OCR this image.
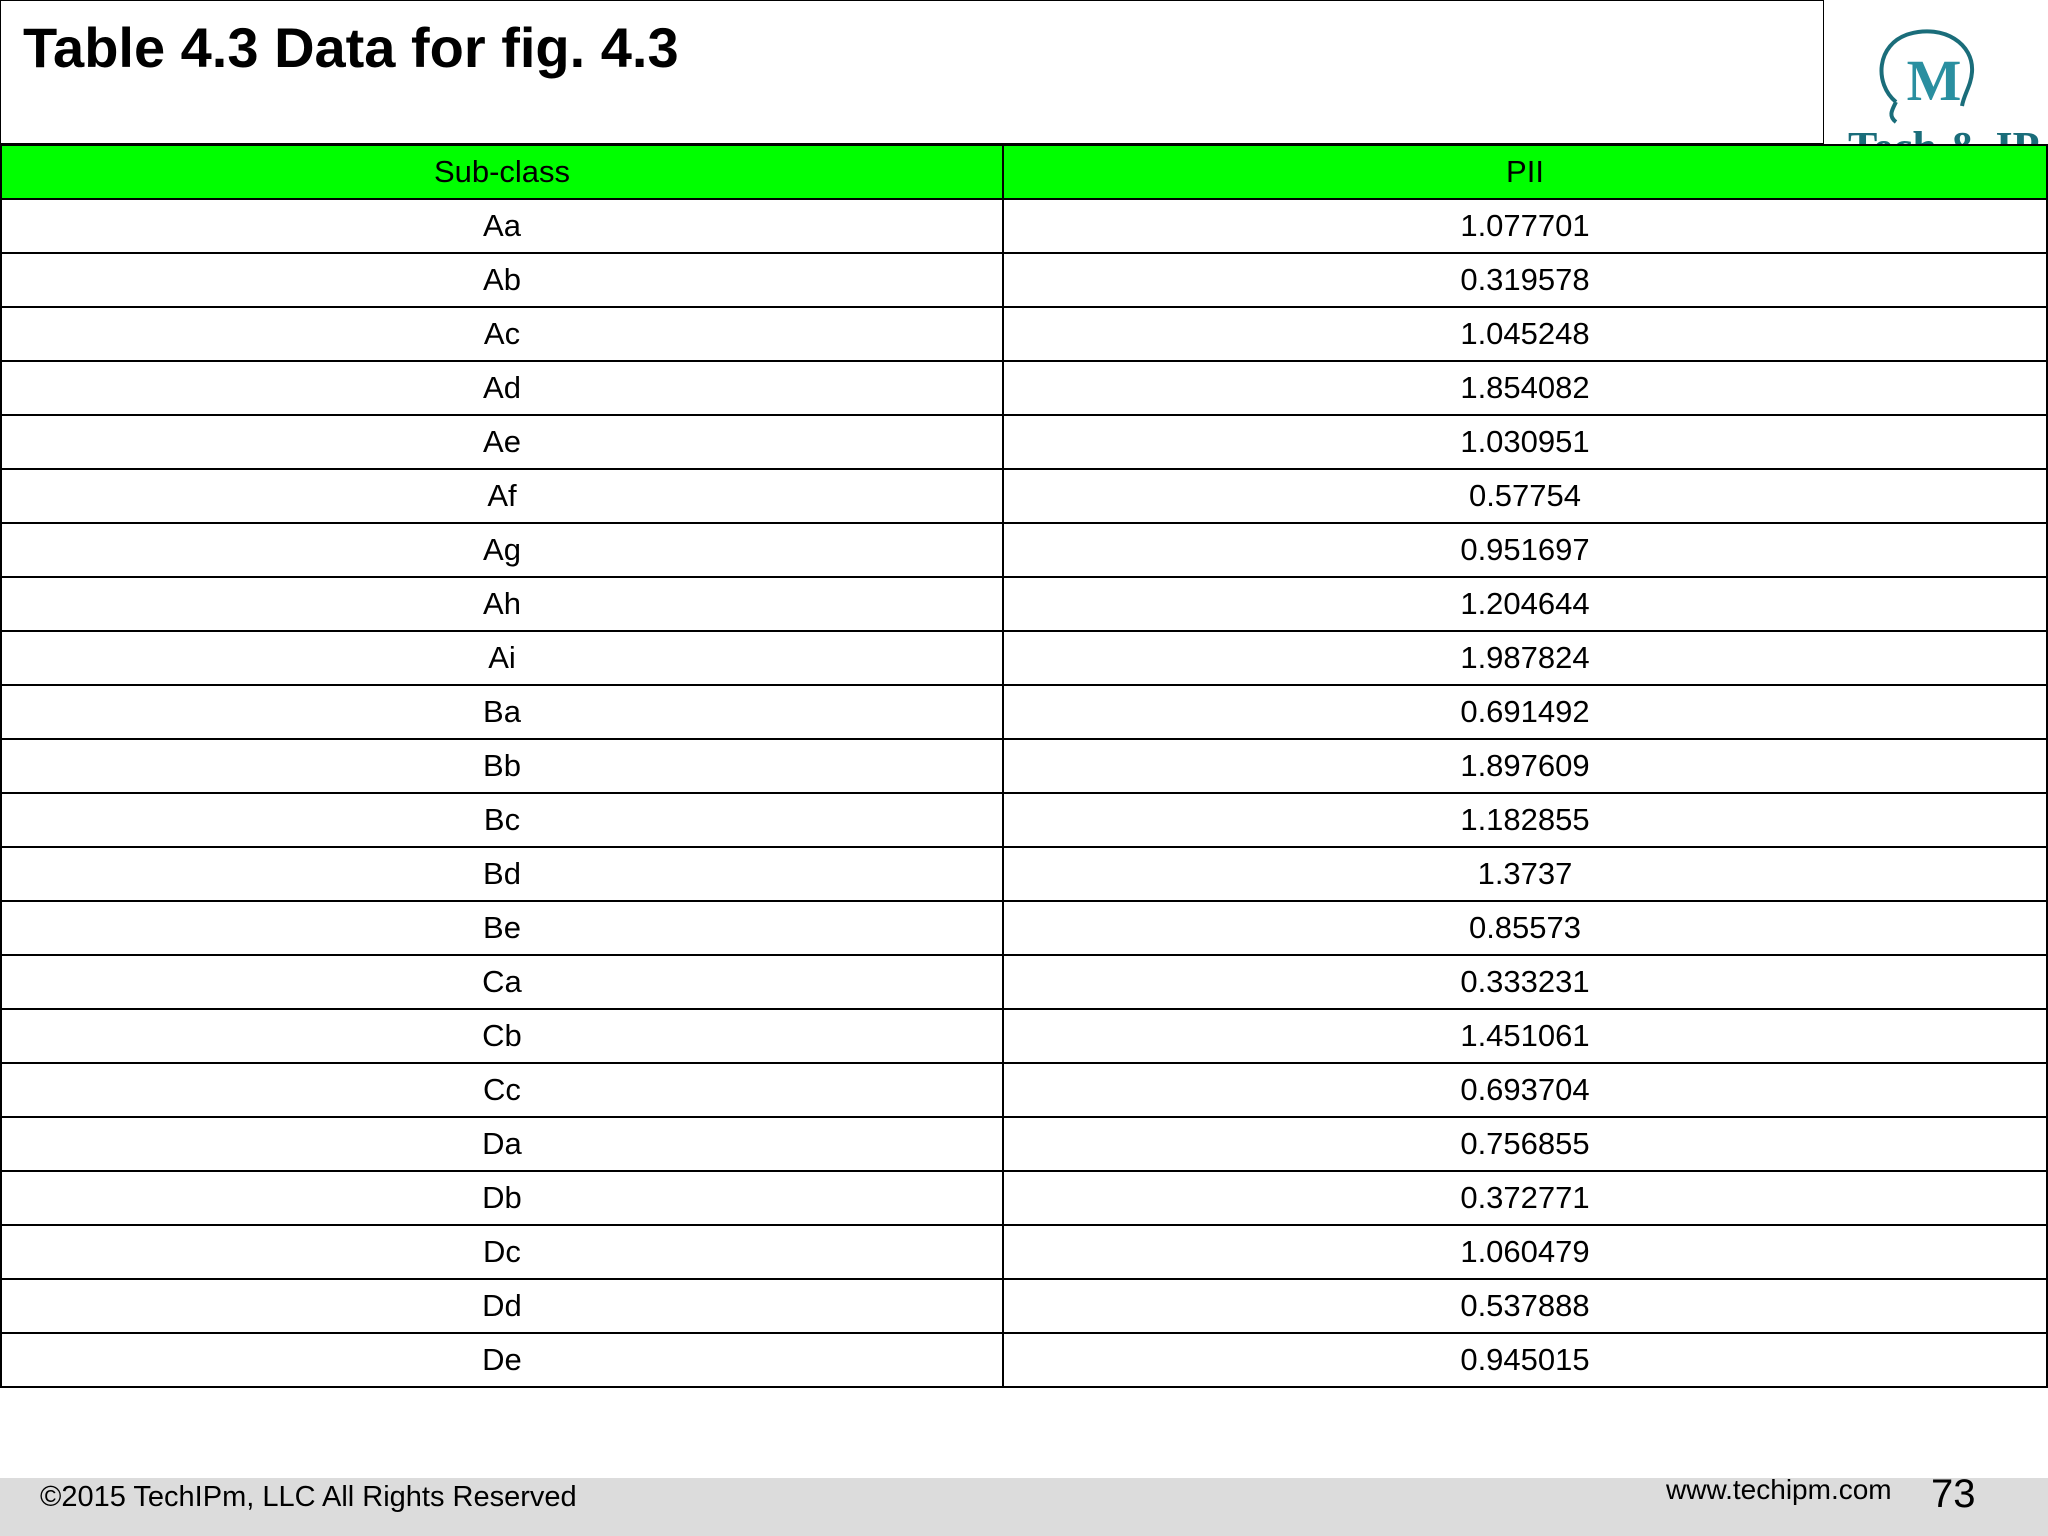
Table 4.3 Data for fig. 4.3
M
Sub-class	PII
Aa	1.077701
Ab	0.319578
Ac	1.045248
Ad	1.854082
Ae	1.030951
Af	0.57754
Ag	0.951697
Ah	1.204644
Ai	1.987824
Ba	0.691492
Bb	1.897609
Bc	1.182855
Bd	1.3737
Be	0.85573
Ca	0.333231
Cb	1.451061
Cc	0.693704
Da	0.756855
Db	0.372771
Dc	1.060479
Dd	0.537888
De	0.945015
©2015 TechIPm, LLC All Rights Reserved	www.techipm.com 73
